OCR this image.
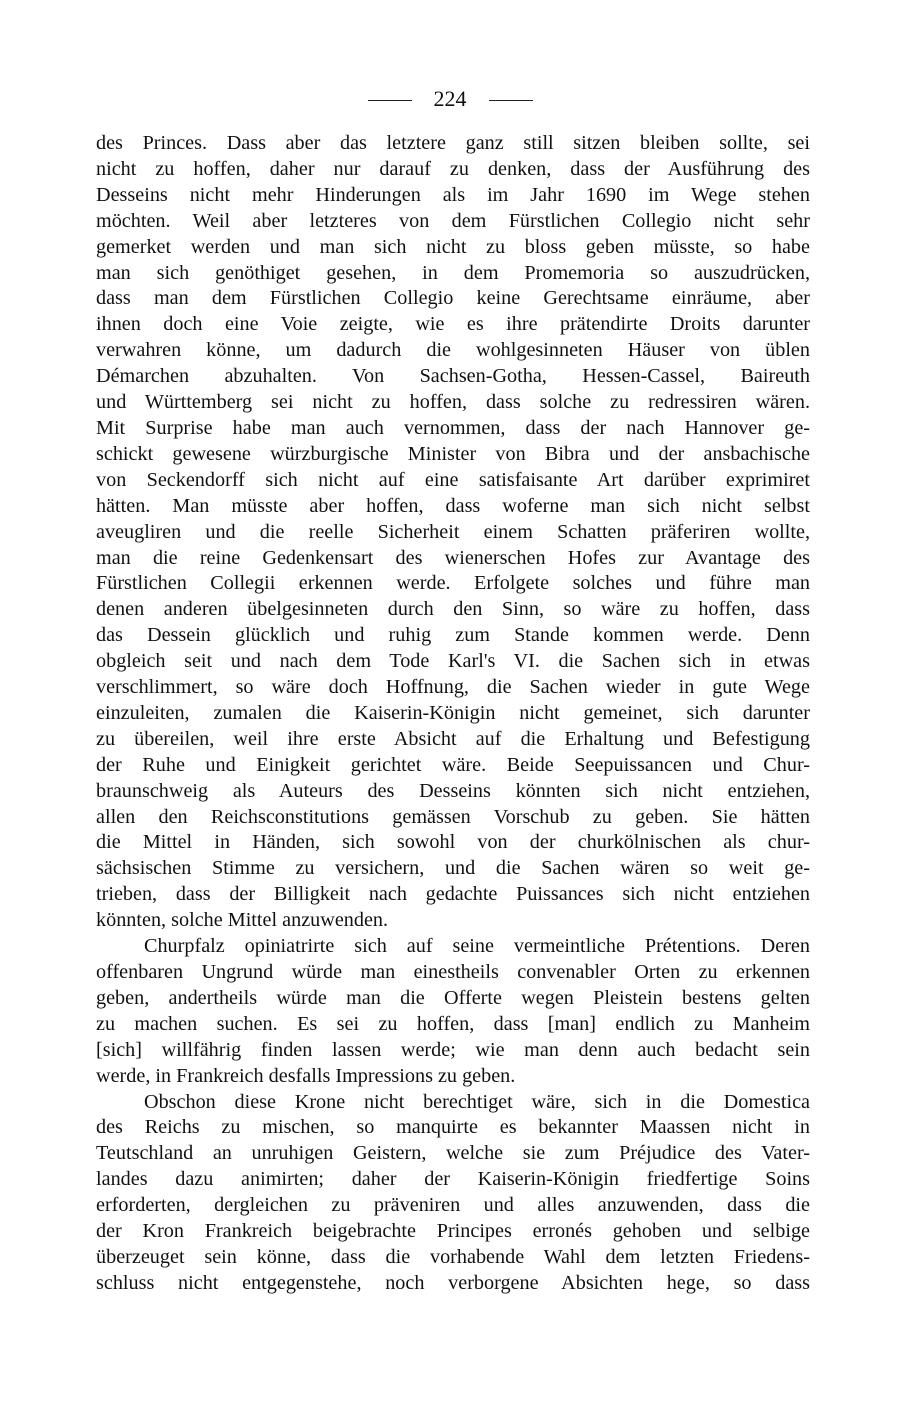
224

des Princes. Dass aber das letztere ganz still sitzen bleiben sollte, sei
nicht zu hoffen, daher nur darauf zu denken, dass der Ausführung des
Desseins nicht mehr Hinderungen als im Jahr 1690 im Wege stehen
möchten. Weil aber letzteres von dem Fürstlichen Collegio nicht sehr
gemerket werden und man sich nicht zu bloss geben müsste, so habe
man sich genöthiget gesehen, in dem Promemoria so auszudrücken,
dass man dem Fürstlichen Collegio keine Gerechtsame einräume, aber
ihnen doch eine Voie zeigte, wie es ihre prätendirte Droits darunter
verwahren könne, um dadurch die wohlgesinneten Häuser von üblen
Démarchen abzuhalten. Von Sachsen-Gotha, Hessen-Cassel, Baireuth
und Württemberg sei nicht zu hoffen, dass solche zu redressiren wären.
Mit Surprise habe man auch vernommen, dass der nach Hannover ge-
schickt gewesene würzburgische Minister von Bibra und der ansbachische
von Seckendorff sich nicht auf eine satisfaisante Art darüber exprimiret
hätten. Man müsste aber hoffen, dass woferne man sich nicht selbst
aveugliren und die reelle Sicherheit einem Schatten präferiren wollte,
man die reine Gedenkensart des wienerschen Hofes zur Avantage des
Fürstlichen Collegii erkennen werde. Erfolgete solches und führe man
denen anderen übelgesinneten durch den Sinn, so wäre zu hoffen, dass
das Dessein glücklich und ruhig zum Stande kommen werde. Denn
obgleich seit und nach dem Tode Karl's VI. die Sachen sich in etwas
verschlimmert, so wäre doch Hoffnung, die Sachen wieder in gute Wege
einzuleiten, zumalen die Kaiserin-Königin nicht gemeinet, sich darunter
zu übereilen, weil ihre erste Absicht auf die Erhaltung und Befestigung
der Ruhe und Einigkeit gerichtet wäre. Beide Seepuissancen und Chur-
braunschweig als Auteurs des Desseins könnten sich nicht entziehen,
allen den Reichsconstitutions gemässen Vorschub zu geben. Sie hätten
die Mittel in Händen, sich sowohl von der churkölnischen als chur-
sächsischen Stimme zu versichern, und die Sachen wären so weit ge-
trieben, dass der Billigkeit nach gedachte Puissances sich nicht entziehen
könnten, solche Mittel anzuwenden.

Churpfalz opiniatrirte sich auf seine vermeintliche Prétentions. Deren
offenbaren Ungrund würde man einestheils convenabler Orten zu erkennen
geben, andertheils würde man die Offerte wegen Pleistein bestens gelten
zu machen suchen. Es sei zu hoffen, dass [man] endlich zu Manheim
[sich] willfährig finden lassen werde; wie man denn auch bedacht sein
werde, in Frankreich desfalls Impressions zu geben.

Obschon diese Krone nicht berechtiget wäre, sich in die Domestica
des Reichs zu mischen, so manquirte es bekannter Maassen nicht in
Teutschland an unruhigen Geistern, welche sie zum Préjudice des Vater-
landes dazu animirten; daher der Kaiserin-Königin friedfertige Soins
erforderten, dergleichen zu präveniren und alles anzuwenden, dass die
der Kron Frankreich beigebrachte Principes erronés gehoben und selbige
überzeuget sein könne, dass die vorhabende Wahl dem letzten Friedens-
schluss nicht entgegenstehe, noch verborgene Absichten hege, so dass
